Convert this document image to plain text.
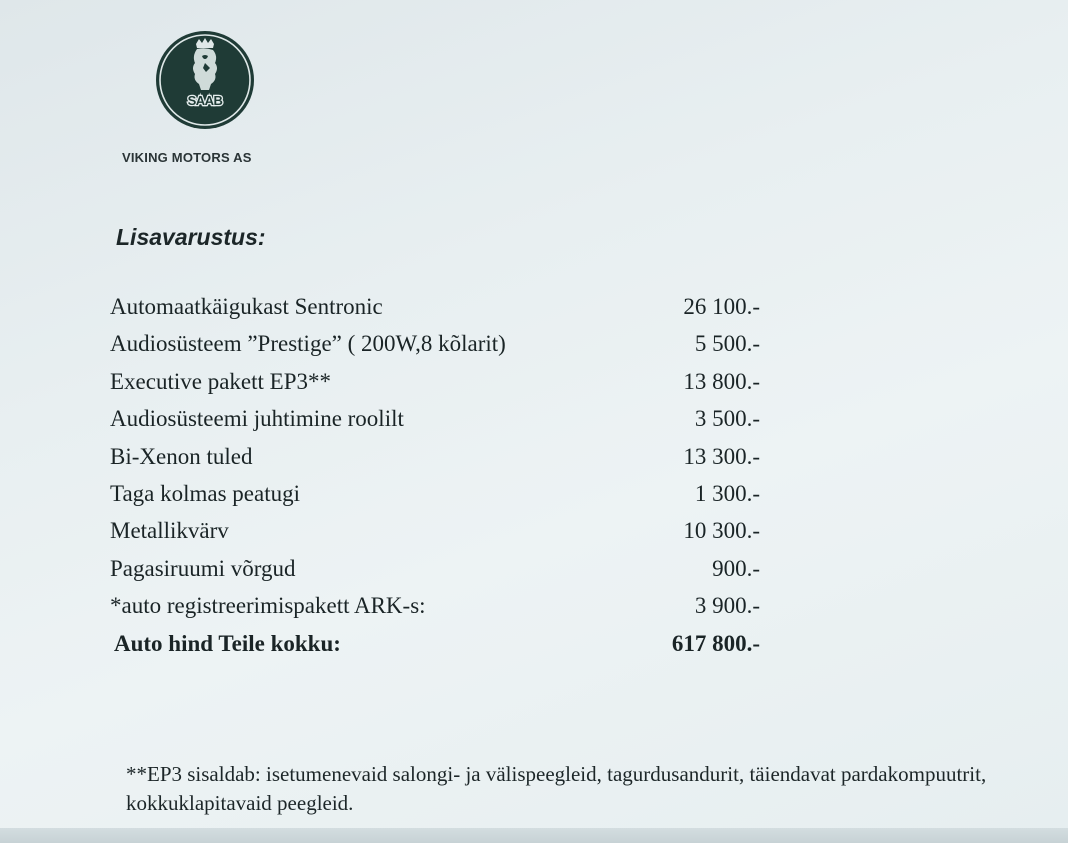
SAAB
VIKING MOTORS AS
Lisavarustus:
Automaatkäigukast Sentronic	26 100.-
Audiosüsteem ”Prestige” ( 200W,8 kõlarit)	5 500.-
Executive pakett EP3**	13 800.-
Audiosüsteemi juhtimine roolilt	3 500.-
Bi-Xenon tuled	13 300.-
Taga kolmas peatugi	1 300.-
Metallikvärv	10 300.-
Pagasiruumi võrgud	900.-
*auto registreerimispakett ARK-s:	3 900.-
Auto hind Teile kokku:	617 800.-
**EP3 sisaldab: isetumenevaid salongi- ja välispeegleid, tagurdusandurit, täiendavat pardakompuutrit, kokkuklapitavaid peegleid.
